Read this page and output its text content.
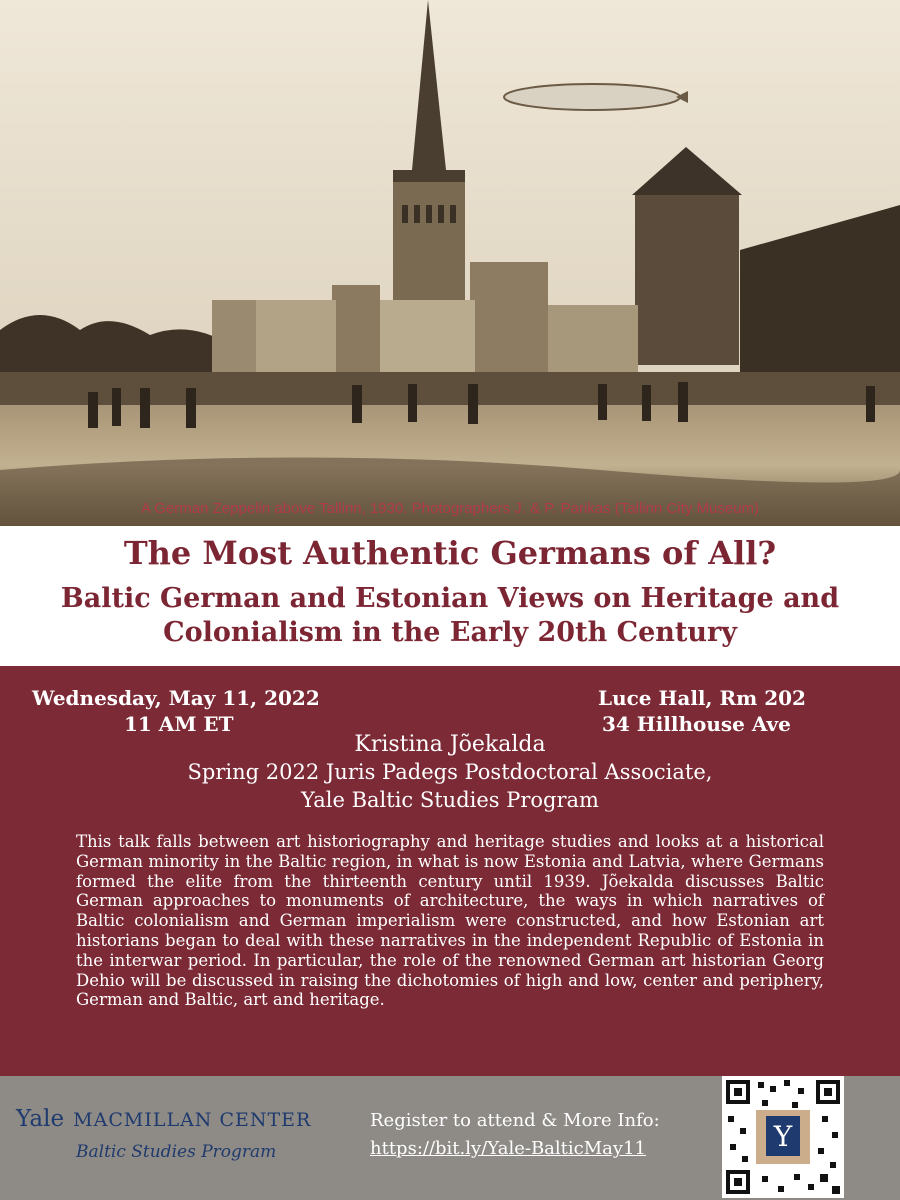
A German Zeppelin above Tallinn, 1930. Photographers J. & P. Parikas (Tallinn City Museum)
The Most Authentic Germans of All?
Baltic German and Estonian Views on Heritage and Colonialism in the Early 20th Century
Wednesday, May 11, 2022
11 AM ET
Luce Hall, Rm 202
34 Hillhouse Ave
Kristina Jõekalda
Spring 2022 Juris Padegs Postdoctoral Associate,
Yale Baltic Studies Program
This talk falls between art historiography and heritage studies and looks at a historical German minority in the Baltic region, in what is now Estonia and Latvia, where Germans formed the elite from the thirteenth century until 1939. Jõekalda discusses Baltic German approaches to monuments of architecture, the ways in which narratives of Baltic colonialism and German imperialism were constructed, and how Estonian art historians began to deal with these narratives in the independent Republic of Estonia in the interwar period. In particular, the role of the renowned German art historian Georg Dehio will be discussed in raising the dichotomies of high and low, center and periphery, German and Baltic, art and heritage.
Yale MACMILLAN CENTER
Baltic Studies Program
Register to attend & More Info:
https://bit.ly/Yale-BalticMay11	Y
